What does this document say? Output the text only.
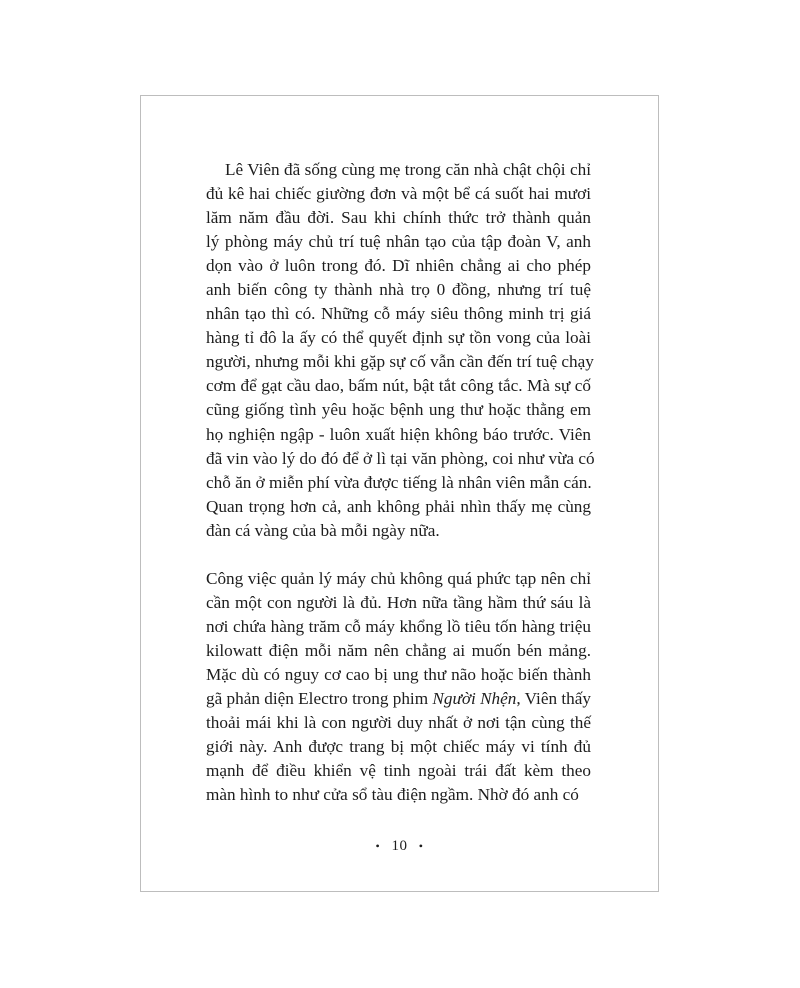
Lê Viên đã sống cùng mẹ trong căn nhà chật chội chỉ
đủ kê hai chiếc giường đơn và một bể cá suốt hai mươi
lăm năm đầu đời. Sau khi chính thức trở thành quản
lý phòng máy chủ trí tuệ nhân tạo của tập đoàn V, anh
dọn vào ở luôn trong đó. Dĩ nhiên chẳng ai cho phép
anh biến công ty thành nhà trọ 0 đồng, nhưng trí tuệ
nhân tạo thì có. Những cỗ máy siêu thông minh trị giá
hàng tỉ đô la ấy có thể quyết định sự tồn vong của loài
người, nhưng mỗi khi gặp sự cố vẫn cần đến trí tuệ chạy
cơm để gạt cầu dao, bấm nút, bật tắt công tắc. Mà sự cố
cũng giống tình yêu hoặc bệnh ung thư hoặc thằng em
họ nghiện ngập - luôn xuất hiện không báo trước. Viên
đã vin vào lý do đó để ở lì tại văn phòng, coi như vừa có
chỗ ăn ở miễn phí vừa được tiếng là nhân viên mẫn cán.
Quan trọng hơn cả, anh không phải nhìn thấy mẹ cùng
đàn cá vàng của bà mỗi ngày nữa.
Công việc quản lý máy chủ không quá phức tạp nên chỉ
cần một con người là đủ. Hơn nữa tầng hầm thứ sáu là
nơi chứa hàng trăm cỗ máy khổng lồ tiêu tốn hàng triệu
kilowatt điện mỗi năm nên chẳng ai muốn bén mảng.
Mặc dù có nguy cơ cao bị ung thư não hoặc biến thành
gã phản diện Electro trong phim Người Nhện, Viên thấy
thoải mái khi là con người duy nhất ở nơi tận cùng thế
giới này. Anh được trang bị một chiếc máy vi tính đủ
mạnh để điều khiển vệ tinh ngoài trái đất kèm theo
màn hình to như cửa sổ tàu điện ngầm. Nhờ đó anh có
• 10 •
